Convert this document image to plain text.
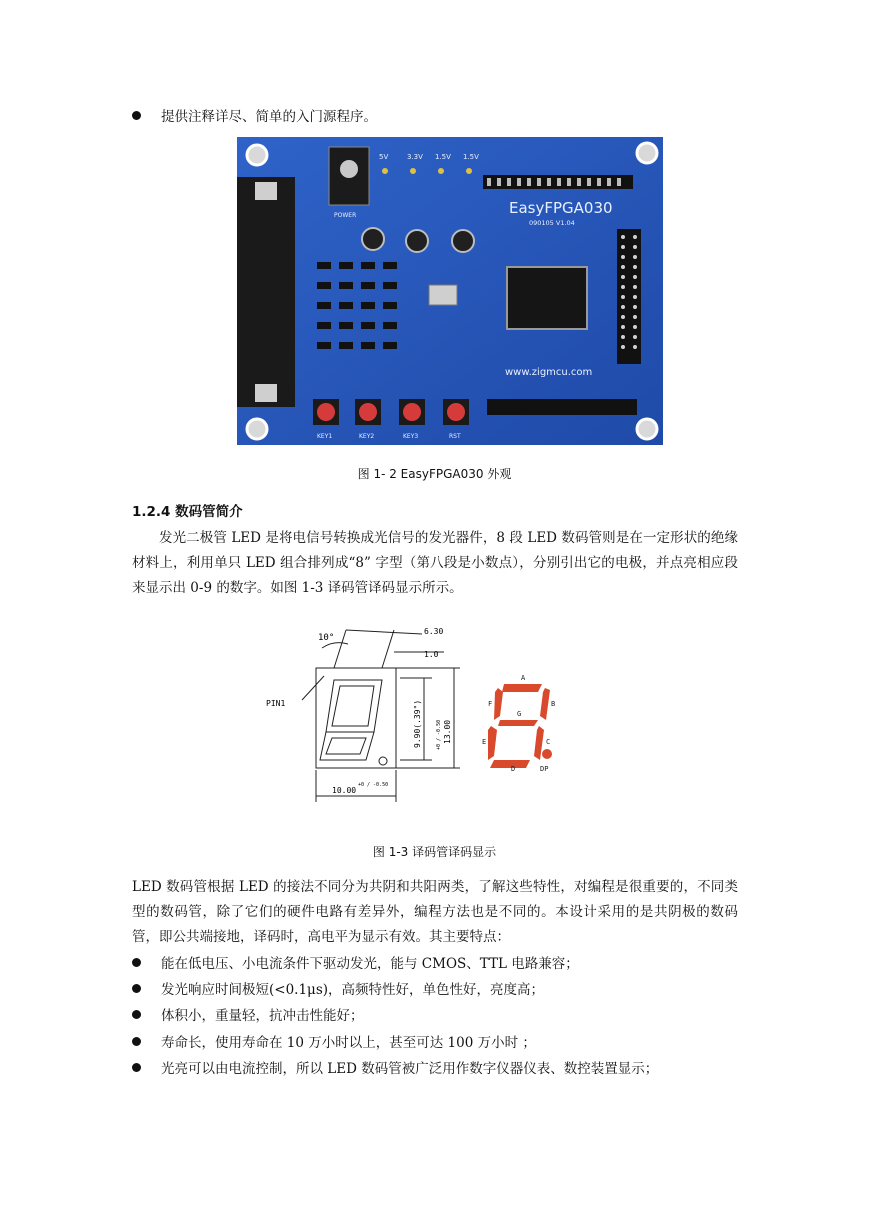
提供注释详尽、简单的入门源程序。
POWER
5V	3.3V 1.5V 1.5V
EasyFPGA030
090105 V1.04
www.zigmcu.com
KEY1	KEY2	KEY3	RST
图 1- 2 EasyFPGA030 外观
1.2.4 数码管简介
发光二极管 LED 是将电信号转换成光信号的发光器件，8 段 LED 数码管则是在一定形状的绝缘材料上，利用单只 LED 组合排列成“8” 字型（第八段是小数点），分别引出它的电极，并点亮相应段来显示出 0-9 的数字。如图 1-3 译码管译码显示所示。
10°
6.30
1.0
PIN1	9.90(.39")	13.00
+0 / -0.50
10.00
+0 / -0.50
A
B
C
D
E
F
G
DP
图 1-3 译码管译码显示
LED 数码管根据 LED 的接法不同分为共阴和共阳两类，了解这些特性，对编程是很重要的，不同类型的数码管，除了它们的硬件电路有差异外，编程方法也是不同的。本设计采用的是共阴极的数码管，即公共端接地，译码时，高电平为显示有效。其主要特点：
能在低电压、小电流条件下驱动发光，能与 CMOS、TTL 电路兼容；
发光响应时间极短(<0.1μs)，高频特性好，单色性好，亮度高；
体积小，重量轻，抗冲击性能好；
寿命长，使用寿命在 10 万小时以上，甚至可达 100 万小时 ；
光亮可以由电流控制，所以 LED 数码管被广泛用作数字仪器仪表、数控装置显示；
